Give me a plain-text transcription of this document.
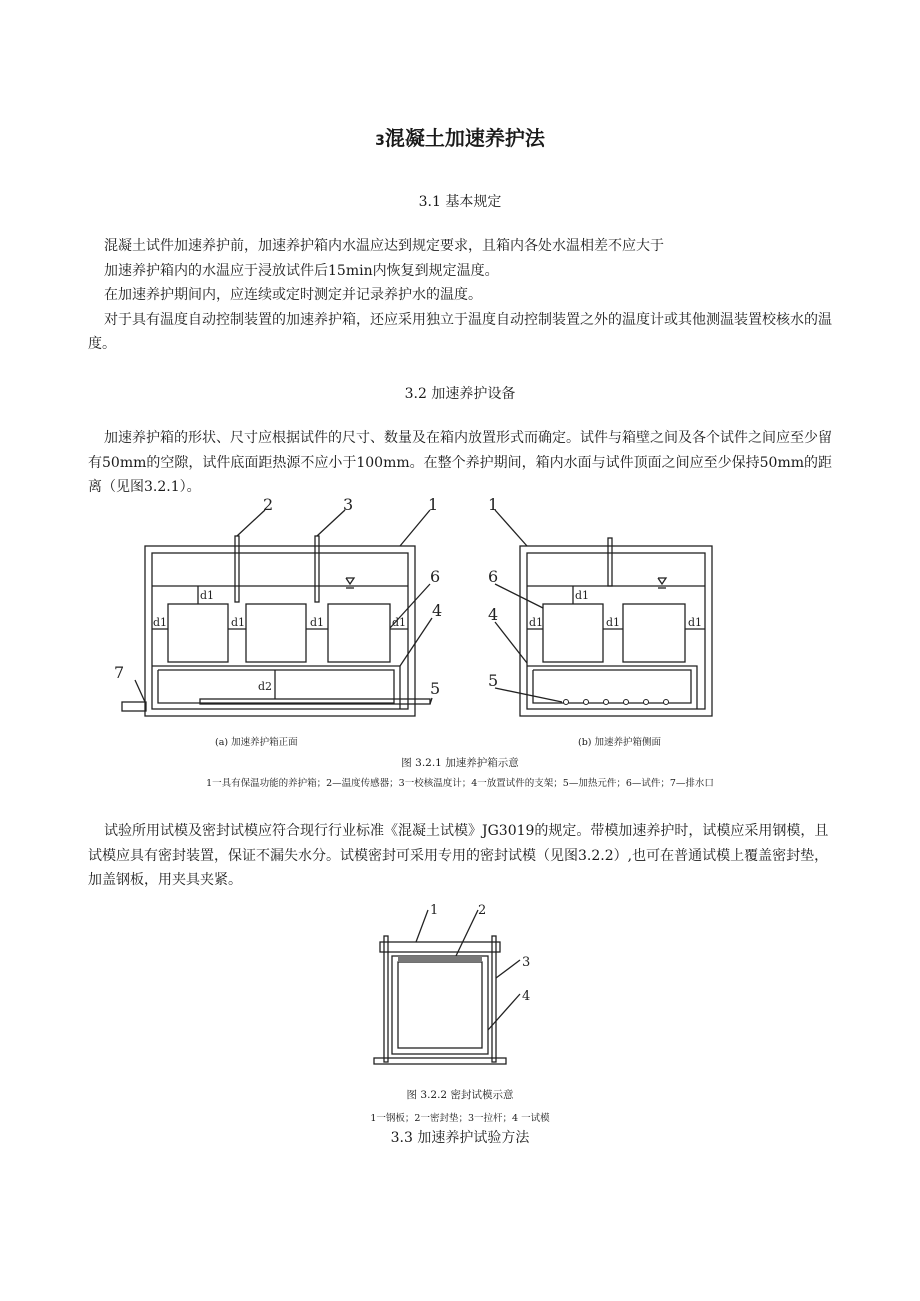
3混凝土加速养护法
3.1 基本规定

混凝土试件加速养护前，加速养护箱内水温应达到规定要求，且箱内各处水温相差不应大于

加速养护箱内的水温应于浸放试件后15min内恢复到规定温度。

在加速养护期间内，应连续或定时测定并记录养护水的温度。

对于具有温度自动控制装置的加速养护箱，还应采用独立于温度自动控制装置之外的温度计或其他测温装置校核水的温度。

3.2 加速养护设备

加速养护箱的形状、尺寸应根据试件的尺寸、数量及在箱内放置形式而确定。试件与箱壁之间及各个试件之间应至少留有50mm的空隙，试件底面距热源不应小于100mm。在整个养护期间，箱内水面与试件顶面之间应至少保持50mm的距离（见图3.2.1）。

2	3	1
6
4
7
5
1
6
4
5
d1
d1	d1	d1	d1
d2
d1
d1	d1	d1
(a) 加速养护箱正面	(b) 加速养护箱侧面
图 3.2.1 加速养护箱示意
1一具有保温功能的养护箱；2—温度传感器；3一校核温度计；4一放置试件的支架；5—加热元件；6—试件；7—排水口

试验所用试模及密封试模应符合现行行业标准《混凝土试模》JG3019的规定。带模加速养护时，试模应采用钢模，且试模应具有密封装置，保证不漏失水分。试模密封可采用专用的密封试模（见图3.2.2）,也可在普通试模上覆盖密封垫，加盖钢板，用夹具夹紧。

1	2
3
4
图 3.2.2 密封试模示意
1一钢板；2一密封垫；3一拉杆；4 一试模
3.3 加速养护试验方法
